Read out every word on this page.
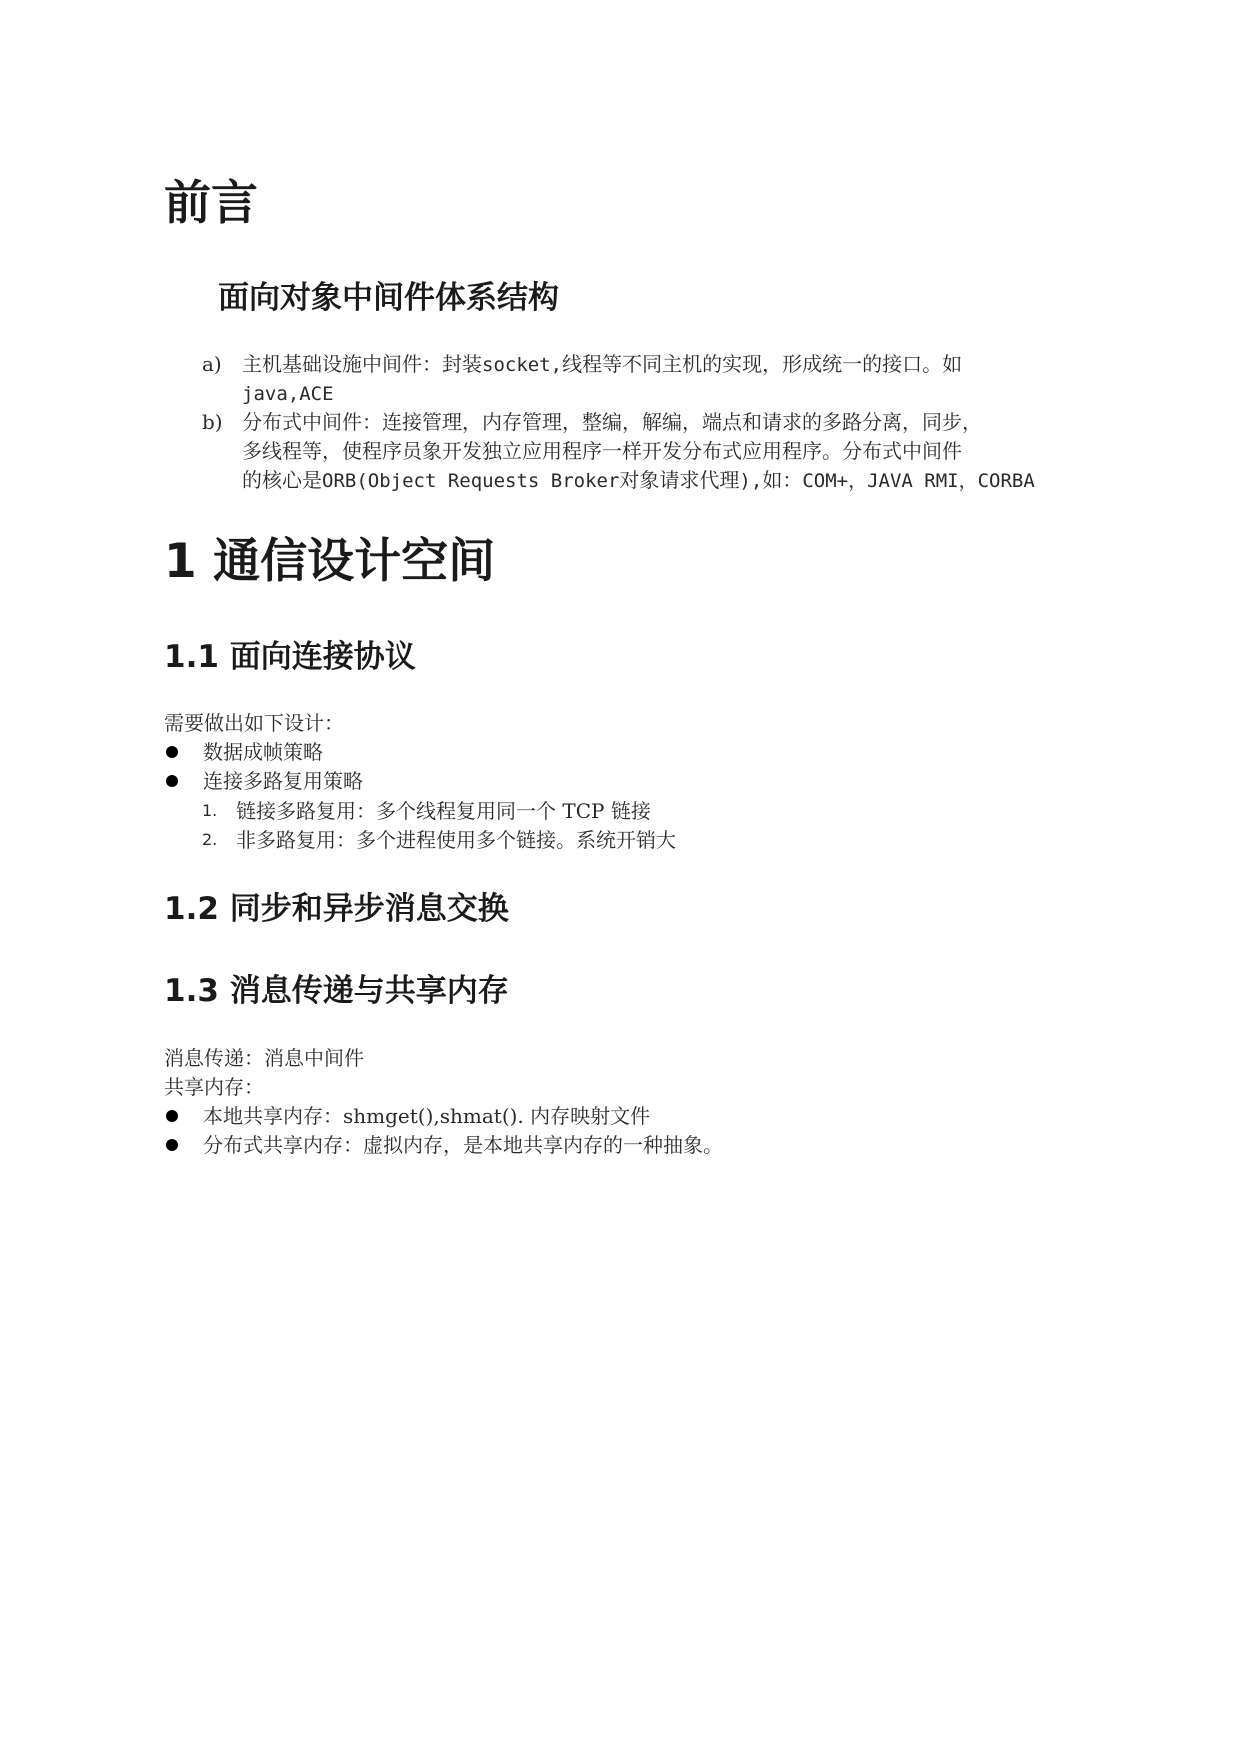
前言
面向对象中间件体系结构
a) 主机基础设施中间件：封装socket,线程等不同主机的实现，形成统一的接口。如
java,ACE
b) 分布式中间件：连接管理，内存管理，整编，解编，端点和请求的多路分离，同步，
多线程等，使程序员象开发独立应用程序一样开发分布式应用程序。分布式中间件
的核心是ORB(Object Requests Broker对象请求代理),如：COM+，JAVA RMI，CORBA
1 通信设计空间
1.1 面向连接协议
需要做出如下设计：
数据成帧策略
连接多路复用策略
1. 链接多路复用：多个线程复用同一个 TCP 链接
2. 非多路复用：多个进程使用多个链接。系统开销大
1.2 同步和异步消息交换
1.3 消息传递与共享内存
消息传递：消息中间件
共享内存：
本地共享内存：shmget(),shmat(). 内存映射文件
分布式共享内存：虚拟内存，是本地共享内存的一种抽象。
